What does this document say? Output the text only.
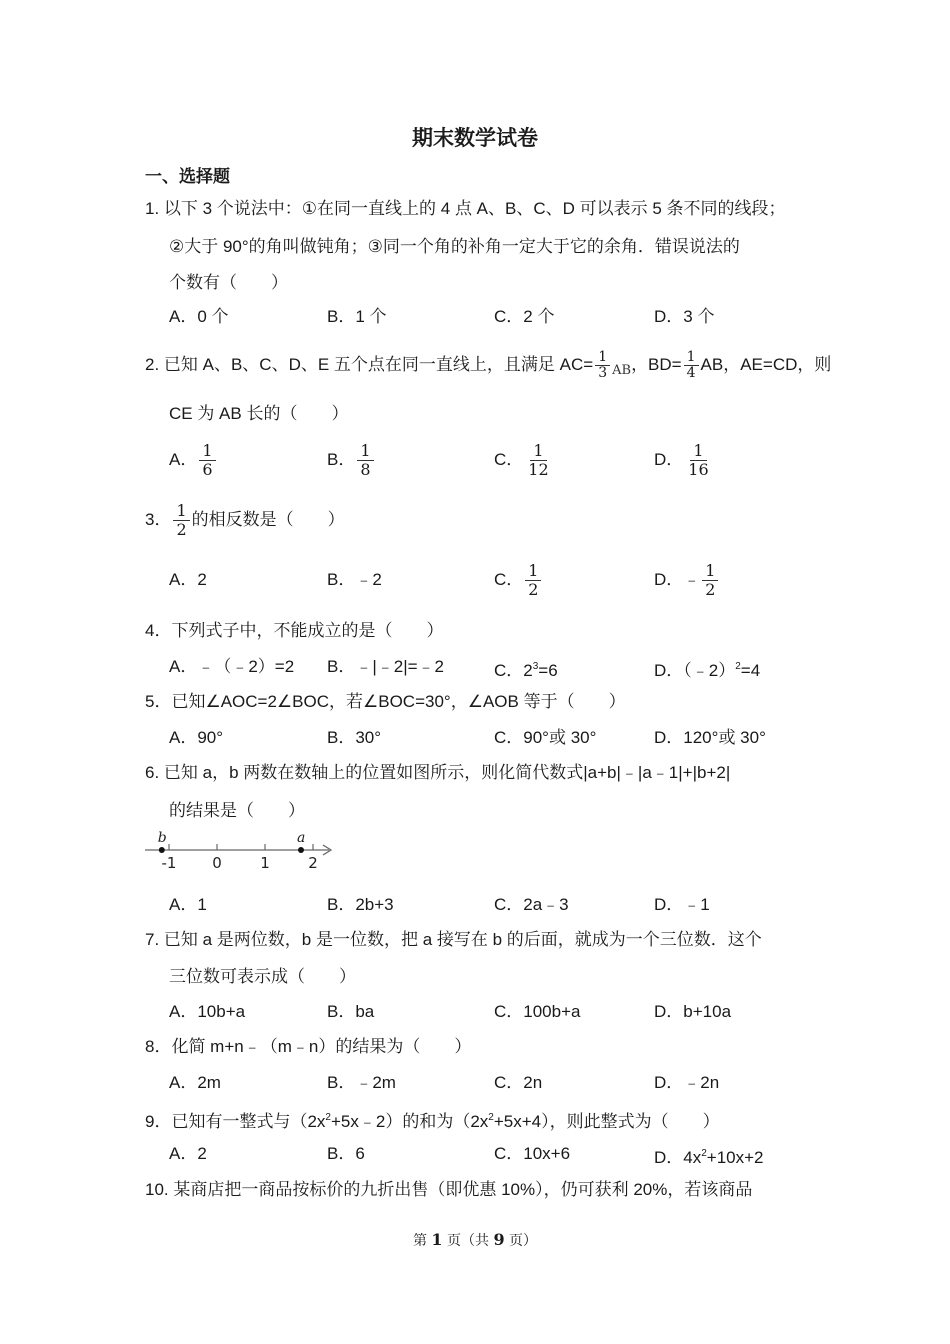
期末数学试卷
一、选择题
1. 以下 3 个说法中：①在同一直线上的 4 点 A、B、C、D 可以表示 5 条不同的线段；
②大于 90°的角叫做钝角；③同一个角的补角一定大于它的余角．错误说法的
个数有（　　）
A．0 个	B．1 个	C．2 个	D．3 个
2. 已知 A、B、C、D、E 五个点在同一直线上，且满足 $AC= \frac{1}{3} _{AB}$，$BD= \frac{1}{4}$ AB，AE=CD，则
CE 为 AB 长的（　　）
A． $\frac{1}{6}$	B． $\frac{1}{8}$	C． $\frac{1}{12}$	D． $\frac{1}{16}$
3． $\frac{1}{2}$ 的相反数是（　　）
A．2	B．﹣2	C． $\frac{1}{2}$	D．﹣ $\frac{1}{2}$
4．下列式子中，不能成立的是（　　）
A．﹣（﹣2）=2 B．﹣|﹣2|=﹣2	C．$2^3=6$	D．（﹣2）$^2$=4
5．已知∠AOC=2∠BOC，若∠BOC=30°，∠AOB 等于（　　）
A．90°	B．30°	C．90°或 30°	D．120°或 30°
6. 已知 a，b 两数在数轴上的位置如图所示，则化简代数式|a+b|﹣|a﹣1|+|b+2|
的结果是（　　）
-1 0	1	2
b	a
A．1	B．2b+3	C．2a﹣3	D．﹣1
7. 已知 a 是两位数，b 是一位数，把 a 接写在 b 的后面，就成为一个三位数．这个
三位数可表示成（　　）
A．10b+a	B．ba	C．100b+a	D．b+10a
8．化简 m+n﹣（m﹣n）的结果为（　　）
A．2m	B．﹣2m	C．2n	D．﹣2n
9．已知有一整式与$(2x^2+5x﹣2)$的和为$(2x^2+5x+4)$，则此整式为（　　）
A．2	B．6	C．10x+6	D．$4x^2+10x+2$
10. 某商店把一商品按标价的九折出售（即优惠 10%），仍可获利 20%，若该商品
第 1 页（共 9 页）
